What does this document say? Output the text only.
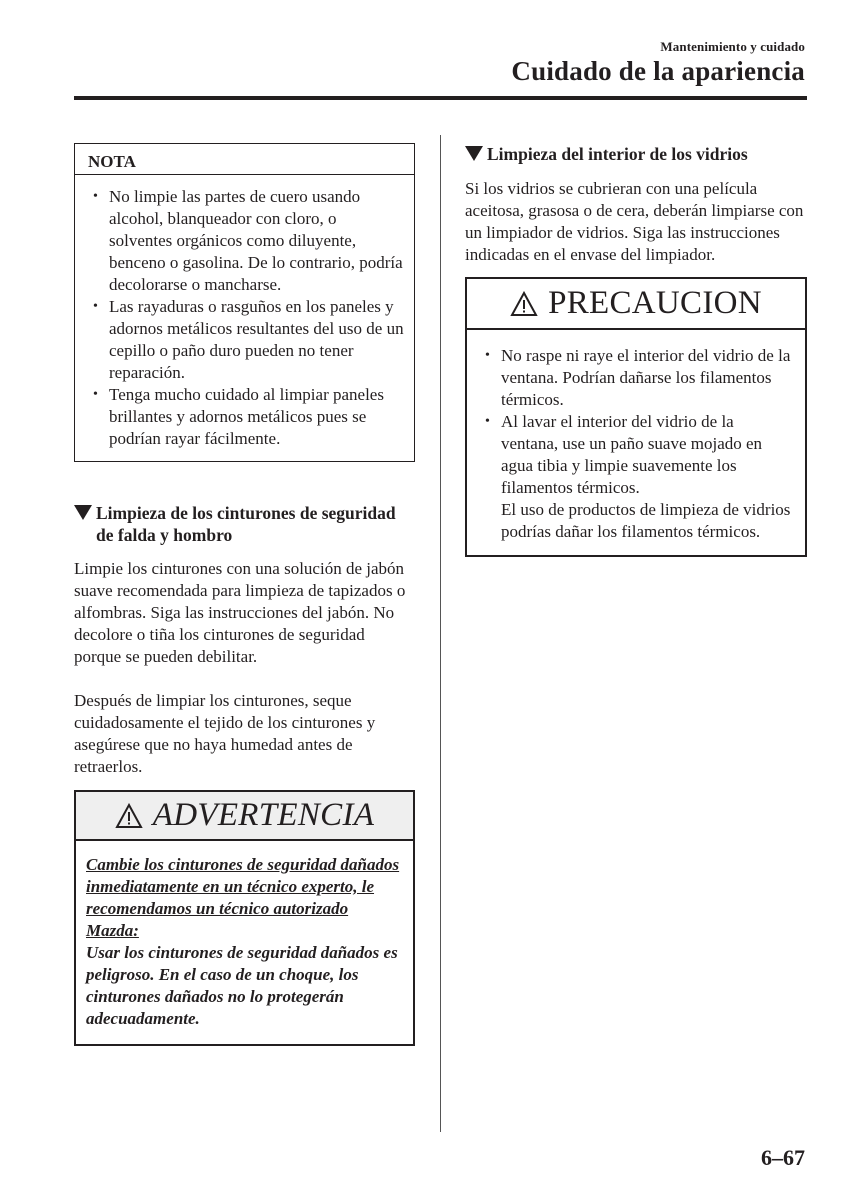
Mantenimiento y cuidado
Cuidado de la apariencia
NOTA
• No limpie las partes de cuero usando alcohol, blanqueador con cloro, o solventes orgánicos como diluyente, benceno o gasolina. De lo contrario, podría decolorarse o mancharse.
• Las rayaduras o rasguños en los paneles y adornos metálicos resultantes del uso de un cepillo o paño duro pueden no tener reparación.
• Tenga mucho cuidado al limpiar paneles brillantes y adornos metálicos pues se podrían rayar fácilmente.
Limpieza de los cinturones de seguridad de falda y hombro

Limpie los cinturones con una solución de jabón suave recomendada para limpieza de tapizados o alfombras. Siga las instrucciones del jabón. No decolore o tiña los cinturones de seguridad porque se pueden debilitar.

Después de limpiar los cinturones, seque cuidadosamente el tejido de los cinturones y asegúrese que no haya humedad antes de retraerlos.

ADVERTENCIA

Cambie los cinturones de seguridad dañados inmediatamente en un técnico experto, le recomendamos un técnico autorizado Mazda:

Usar los cinturones de seguridad dañados es peligroso. En el caso de un choque, los cinturones dañados no lo protegerán adecuadamente.

Limpieza del interior de los vidrios

Si los vidrios se cubrieran con una película aceitosa, grasosa o de cera, deberán limpiarse con un limpiador de vidrios. Siga las instrucciones indicadas en el envase del limpiador.

PRECAUCION
• No raspe ni raye el interior del vidrio de la ventana. Podrían dañarse los filamentos térmicos.
• Al lavar el interior del vidrio de la ventana, use un paño suave mojado en agua tibia y limpie suavemente los filamentos térmicos.
El uso de productos de limpieza de vidrios podrías dañar los filamentos térmicos.
6–67
